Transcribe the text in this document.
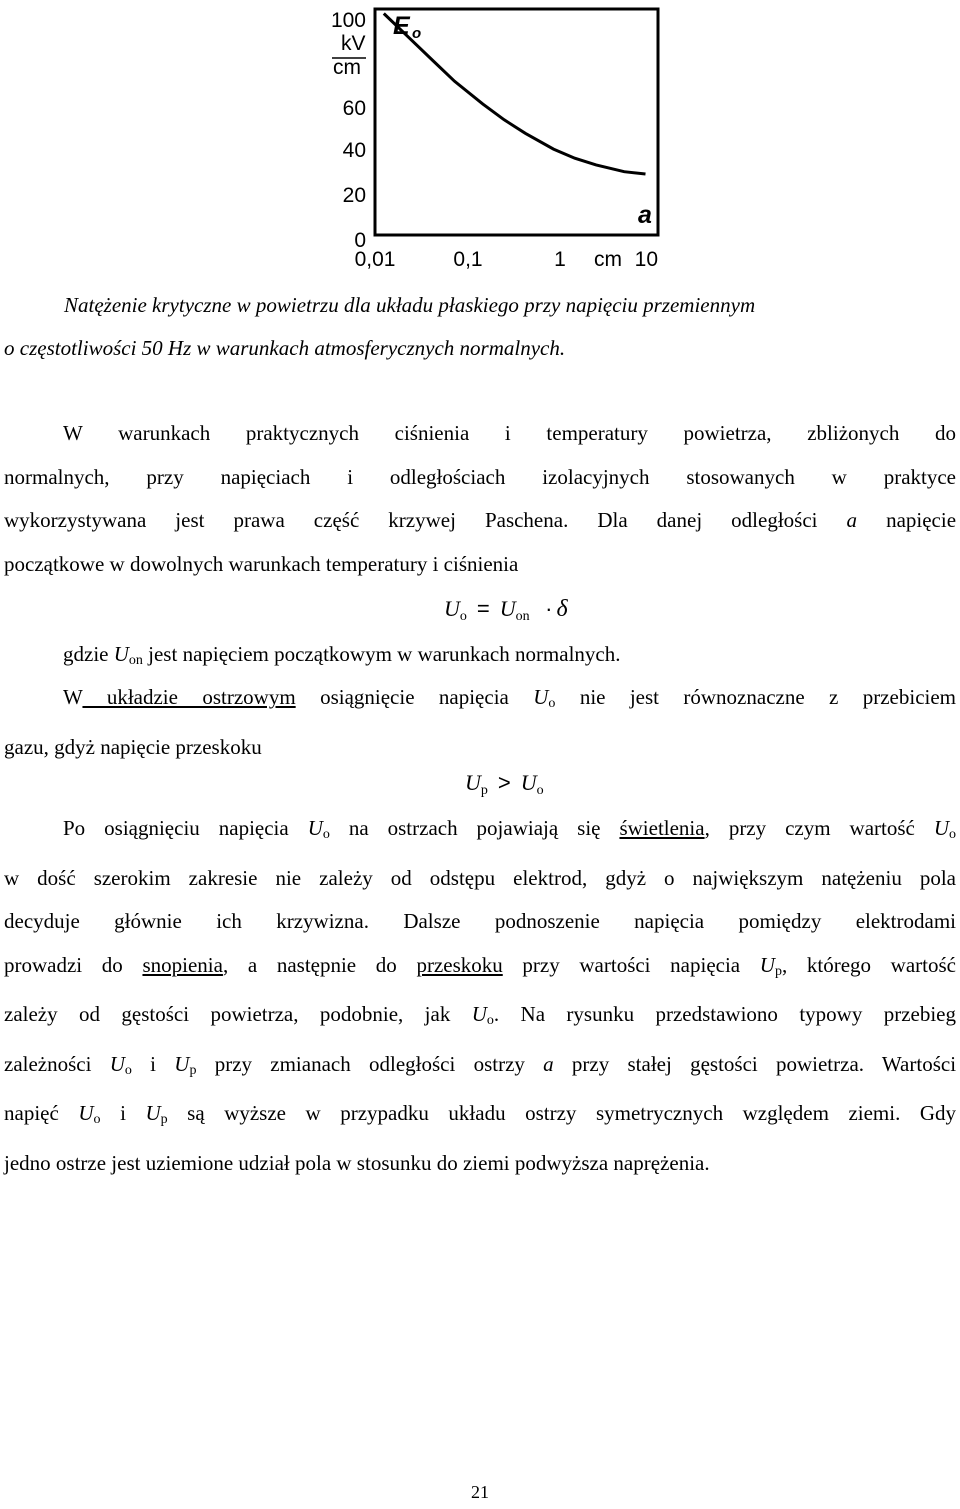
100
60
40
20
0
kV
cm
0,01	0,1	1	10
cm
E o
a
Natężenie krytyczne w powietrzu dla układu płaskiego przy napięciu przemiennym
o częstotliwości 50 Hz w warunkach atmosferycznych normalnych.
W warunkach praktycznych ciśnienia i temperatury powietrza, zbliżonych do
normalnych, przy napięciach i odległościach izolacyjnych stosowanych w praktyce
wykorzystywana jest prawa część krzywej Paschena. Dla danej odległości a napięcie
początkowe w dowolnych warunkach temperatury i ciśnienia
$U_o = U_{on} \cdot \delta$
gdzie $U_{on}$ jest napięciem początkowym w warunkach normalnych.
W układzie ostrzowym osiągnięcie napięcia $U_o$ nie jest równoznaczne z przebiciem
gazu, gdyż napięcie przeskoku
$U_p > U_o$
Po osiągnięciu napięcia $U_o$ na ostrzach pojawiają się świetlenia, przy czym wartość $U_o$
w dość szerokim zakresie nie zależy od odstępu elektrod, gdyż o największym natężeniu pola
decyduje głównie ich krzywizna. Dalsze podnoszenie napięcia pomiędzy elektrodami
prowadzi do snopienia, a następnie do przeskoku przy wartości napięcia $U_p$, którego wartość
zależy od gęstości powietrza, podobnie, jak $U_o$. Na rysunku przedstawiono typowy przebieg
zależności $U_o$ i $U_p$ przy zmianach odległości ostrzy a przy stałej gęstości powietrza. Wartości
napięć $U_o$ i $U_p$ są wyższe w przypadku układu ostrzy symetrycznych względem ziemi. Gdy
jedno ostrze jest uziemione udział pola w stosunku do ziemi podwyższa naprężenia.
21
